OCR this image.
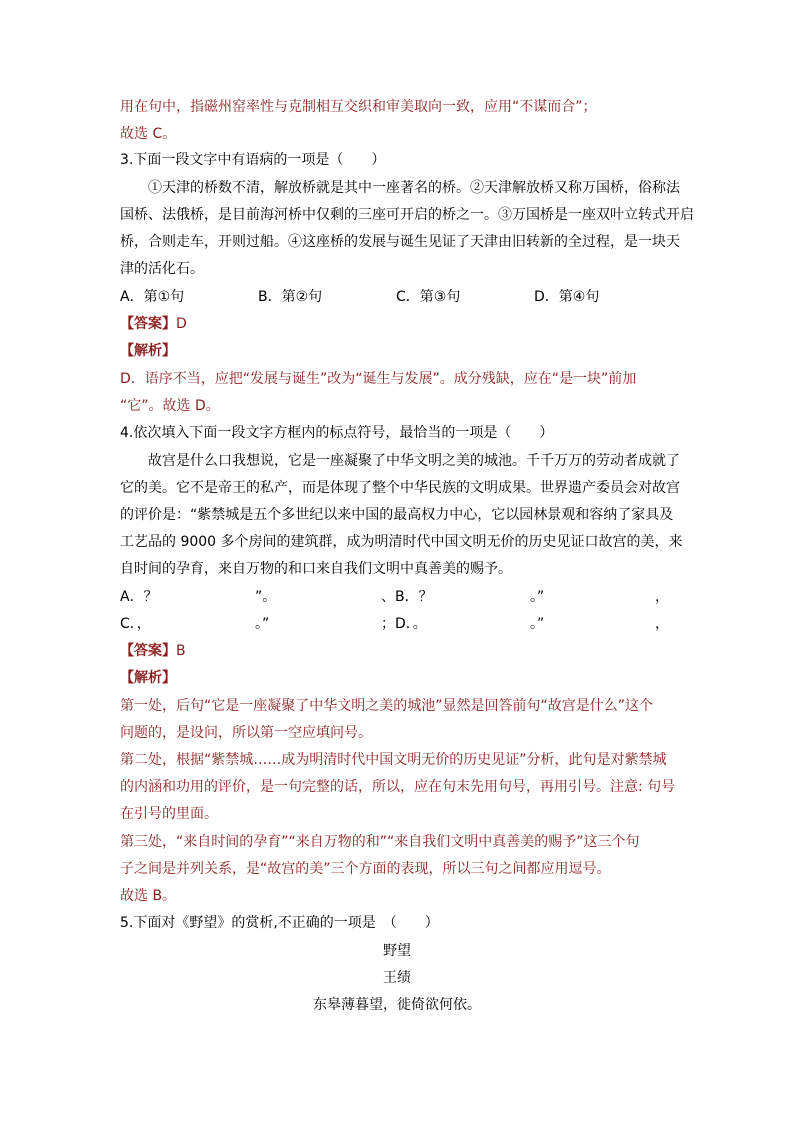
用在句中，指磁州窑率性与克制相互交织和审美取向一致，应用“不谋而合”；
故选 C。
3.下面一段文字中有语病的一项是（　　）
①天津的桥数不清，解放桥就是其中一座著名的桥。②天津解放桥又称万国桥，俗称法
国桥、法俄桥，是目前海河桥中仅剩的三座可开启的桥之一。③万国桥是一座双叶立转式开启
桥，合则走车，开则过船。④这座桥的发展与诞生见证了天津由旧转新的全过程，是一块天
津的活化石。
A．第①句	B．第②句	C．第③句	D．第④句
【答案】D
【解析】
D．语序不当，应把“发展与诞生”改为“诞生与发展”。成分残缺，应在“是一块”前加
“它”。故选 D。
4.依次填入下面一段文字方框内的标点符号，最恰当的一项是（　　）
故宫是什么口我想说，它是一座凝聚了中华文明之美的城池。千千万万的劳动者成就了
它的美。它不是帝王的私产，而是体现了整个中华民族的文明成果。世界遗产委员会对故宫
的评价是：“紫禁城是五个多世纪以来中国的最高权力中心，它以园林景观和容纳了家具及
工艺品的 9000 多个房间的建筑群，成为明清时代中国文明无价的历史见证口故宫的美，来
自时间的孕育，来自万物的和口来自我们文明中真善美的赐予。
A．？	”。	、B．？	。”	，
C．，	。”	；D．。	。”	，
【答案】B
【解析】
第一处，后句“它是一座凝聚了中华文明之美的城池”显然是回答前句“故宫是什么”这个
问题的，是设问，所以第一空应填问号。
第二处，根据“紫禁城……成为明清时代中国文明无价的历史见证”分析，此句是对紫禁城
的内涵和功用的评价，是一句完整的话，所以，应在句末先用句号，再用引号。注意: 句号
在引号的里面。
第三处，“来自时间的孕育”“来自万物的和”“来自我们文明中真善美的赐予”这三个句
子之间是并列关系，是“故宫的美”三个方面的表现，所以三句之间都应用逗号。
故选 B。
5.下面对《野望》的赏析,不正确的一项是　（　　）
野望
王绩
东皋薄暮望，徙倚欲何依。
